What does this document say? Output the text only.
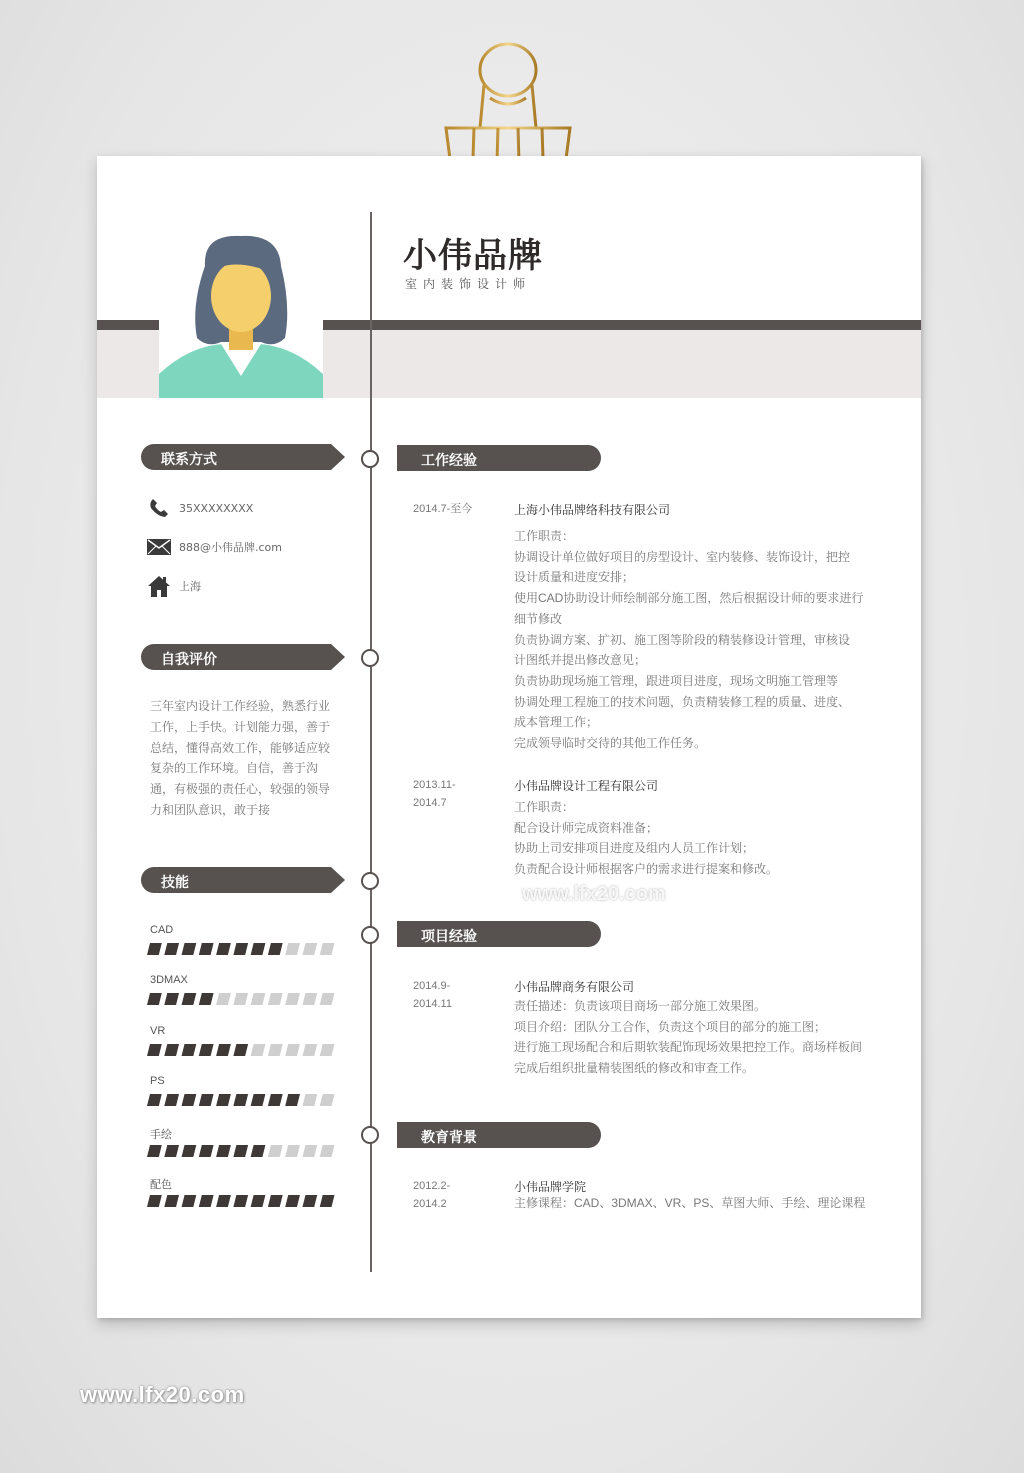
小伟品牌
室内装饰设计师
联系方式
35XXXXXXXX
888@小伟品牌.com
上海
自我评价
三年室内设计工作经验，熟悉行业工作，上手快。计划能力强，善于总结，懂得高效工作，能够适应较复杂的工作环境。自信，善于沟通，有极强的责任心，较强的领导力和团队意识，敢于接
技能
CAD
3DMAX
VR
PS
手绘
配色
工作经验
2014.7-至今	上海小伟品牌络科技有限公司
工作职责：
协调设计单位做好项目的房型设计、室内装修、装饰设计，把控
设计质量和进度安排；
使用CAD协助设计师绘制部分施工图，然后根据设计师的要求进行
细节修改
负责协调方案、扩初、施工图等阶段的精装修设计管理，审核设
计图纸并提出修改意见；
负责协助现场施工管理，跟进项目进度，现场文明施工管理等
协调处理工程施工的技术问题，负责精装修工程的质量、进度、
成本管理工作；
完成领导临时交待的其他工作任务。
2013.11-2014.7
小伟品牌设计工程有限公司
工作职责：
配合设计师完成资料准备；
协助上司安排项目进度及组内人员工作计划；
负责配合设计师根据客户的需求进行提案和修改。
项目经验
2014.9-2014.11
小伟品牌商务有限公司
责任描述：负责该项目商场一部分施工效果图。
项目介绍：团队分工合作，负责这个项目的部分的施工图；
进行施工现场配合和后期软装配饰现场效果把控工作。商场样板间
完成后组织批量精装图纸的修改和审查工作。
教育背景
2012.2-2014.2
小伟品牌学院
主修课程：CAD、3DMAX、VR、PS、草图大师、手绘、理论课程
www.lfx20.com
www.lfx20.com
